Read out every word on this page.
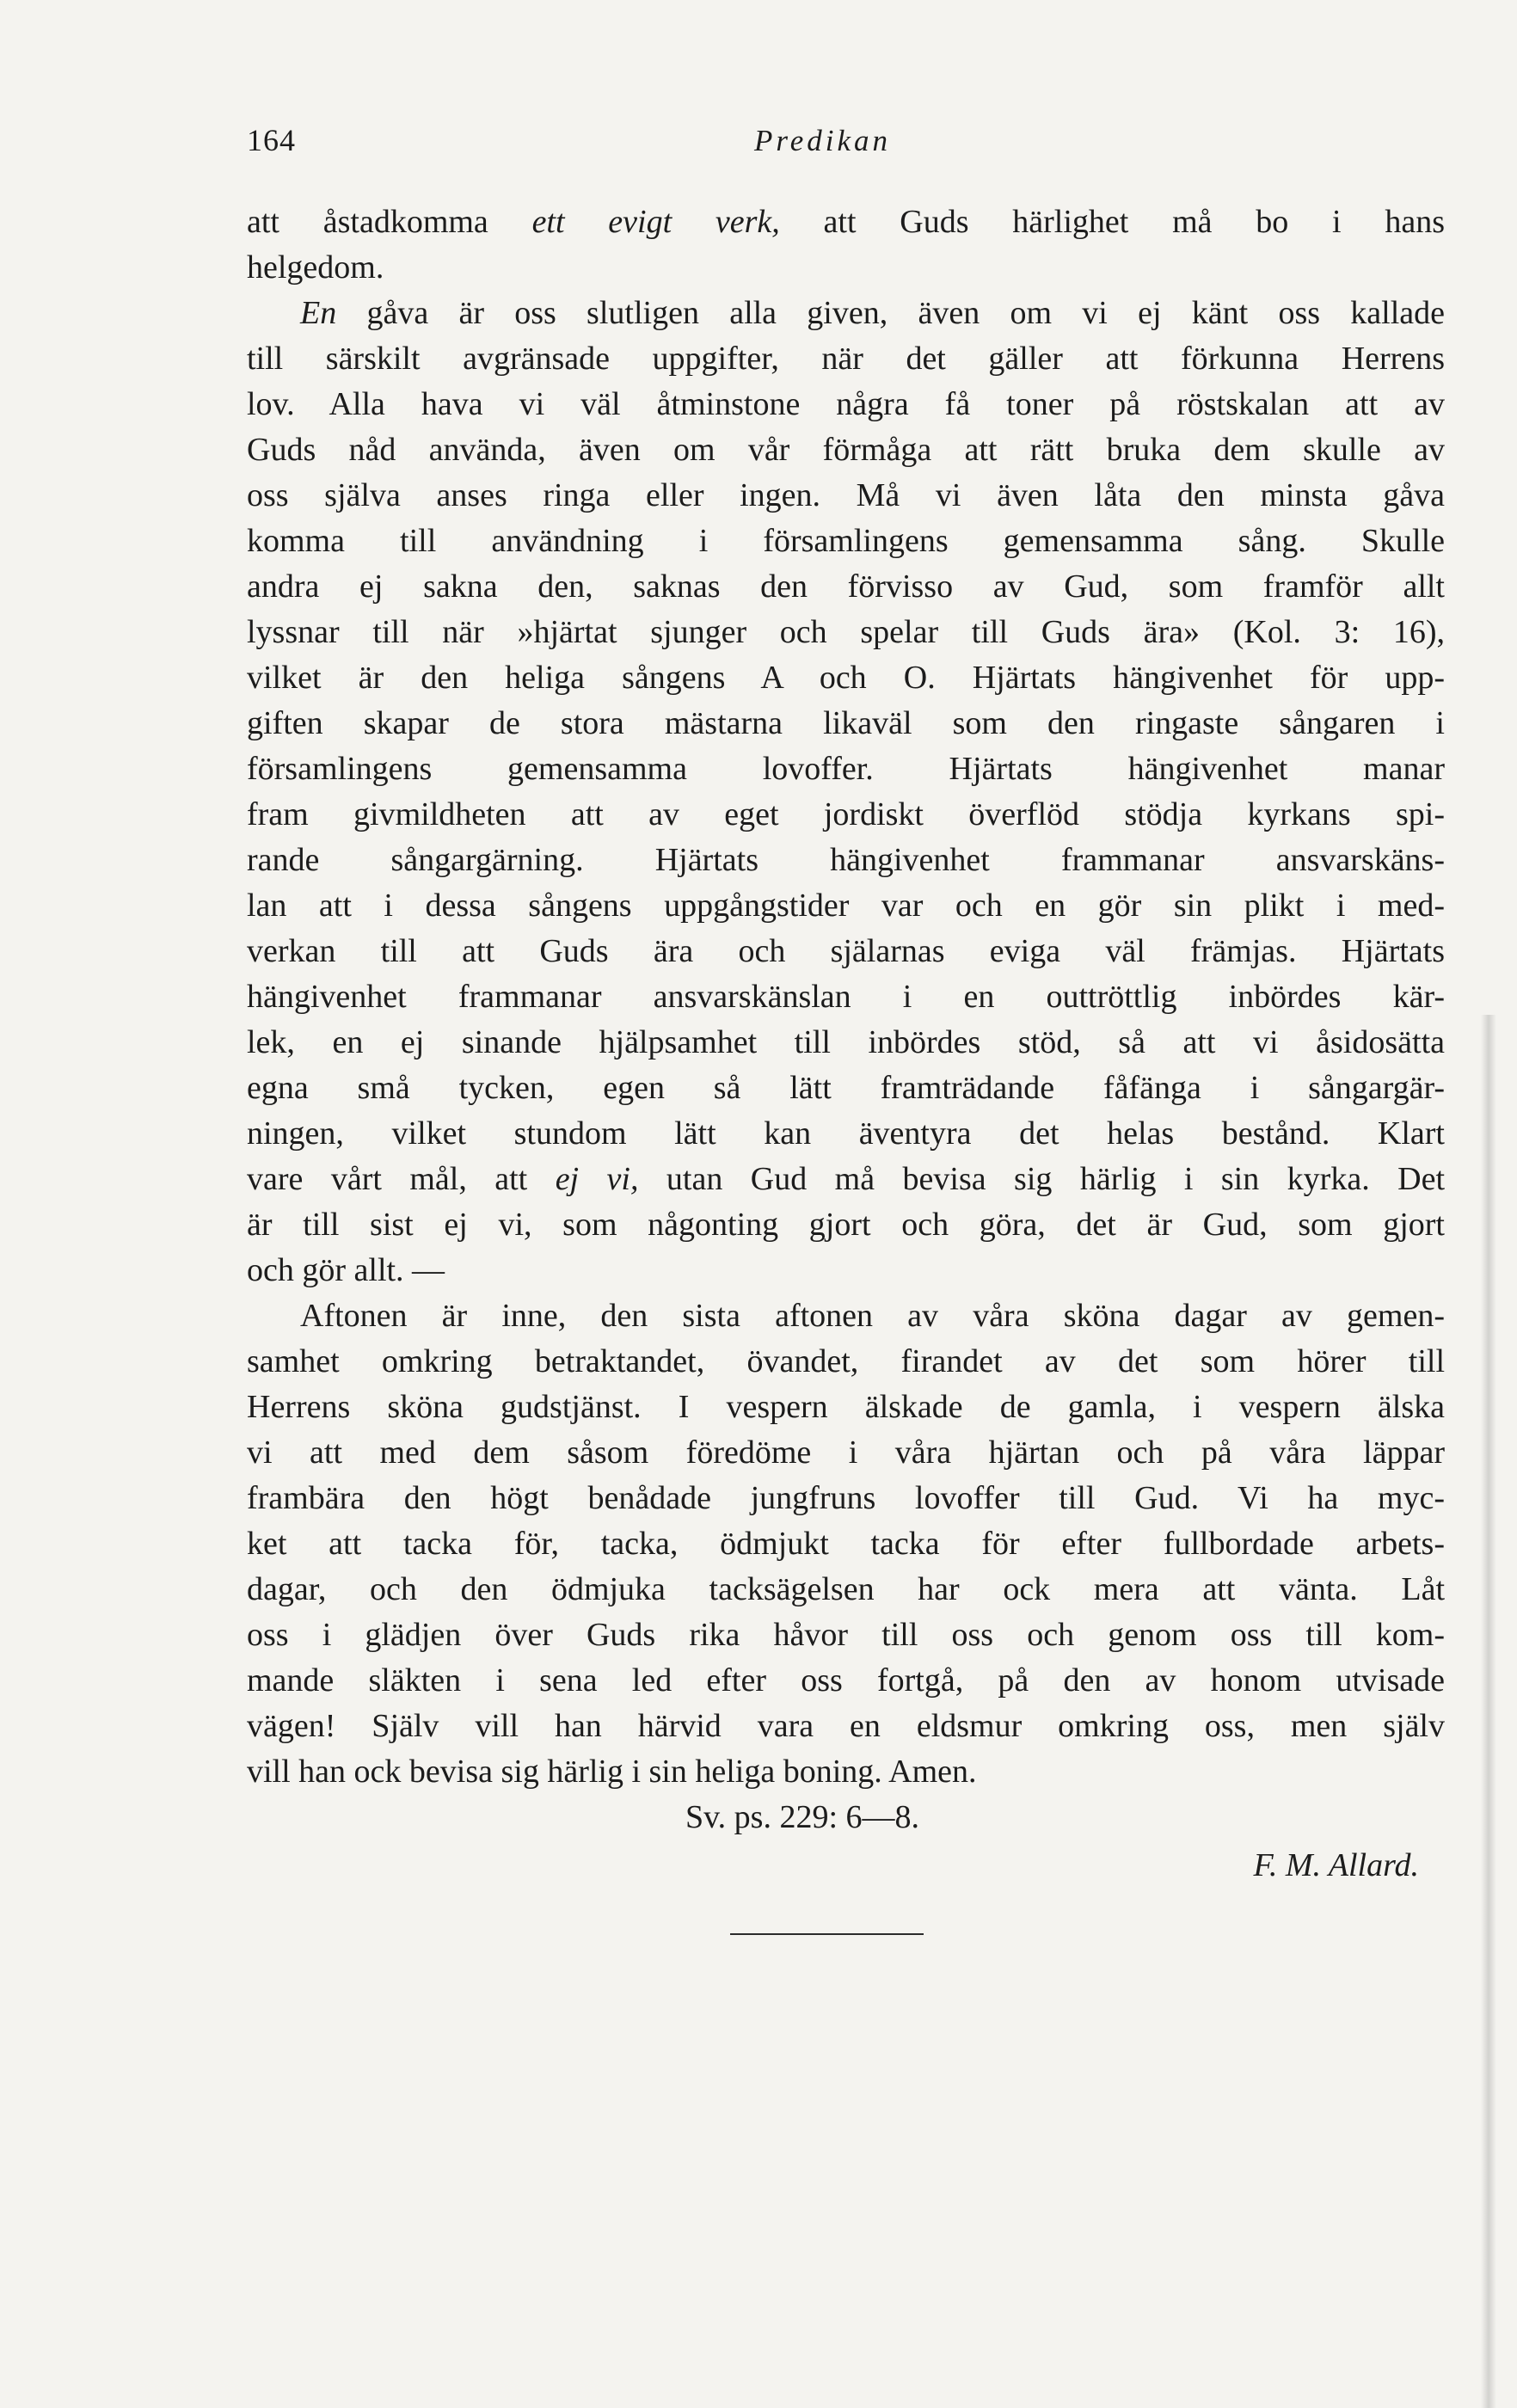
164	Predikan
att åstadkomma ett evigt verk, att Guds härlighet må bo i hans
helgedom.
En gåva är oss slutligen alla given, även om vi ej känt oss kallade
till särskilt avgränsade uppgifter, när det gäller att förkunna Herrens
lov. Alla hava vi väl åtminstone några få toner på röstskalan att av
Guds nåd använda, även om vår förmåga att rätt bruka dem skulle av
oss själva anses ringa eller ingen. Må vi även låta den minsta gåva
komma till användning i församlingens gemensamma sång. Skulle
andra ej sakna den, saknas den förvisso av Gud, som framför allt
lyssnar till när »hjärtat sjunger och spelar till Guds ära» (Kol. 3: 16),
vilket är den heliga sångens A och O. Hjärtats hängivenhet för upp-
giften skapar de stora mästarna likaväl som den ringaste sångaren i
församlingens gemensamma lovoffer. Hjärtats hängivenhet manar
fram givmildheten att av eget jordiskt överflöd stödja kyrkans spi-
rande sångargärning. Hjärtats hängivenhet frammanar ansvarskäns-
lan att i dessa sångens uppgångstider var och en gör sin plikt i med-
verkan till att Guds ära och själarnas eviga väl främjas. Hjärtats
hängivenhet frammanar ansvarskänslan i en outtröttlig inbördes kär-
lek, en ej sinande hjälpsamhet till inbördes stöd, så att vi åsidosätta
egna små tycken, egen så lätt framträdande fåfänga i sångargär-
ningen, vilket stundom lätt kan äventyra det helas bestånd. Klart
vare vårt mål, att ej vi, utan Gud må bevisa sig härlig i sin kyrka. Det
är till sist ej vi, som någonting gjort och göra, det är Gud, som gjort
och gör allt. —
Aftonen är inne, den sista aftonen av våra sköna dagar av gemen-
samhet omkring betraktandet, övandet, firandet av det som hörer till
Herrens sköna gudstjänst. I vespern älskade de gamla, i vespern älska
vi att med dem såsom föredöme i våra hjärtan och på våra läppar
frambära den högt benådade jungfruns lovoffer till Gud. Vi ha myc-
ket att tacka för, tacka, ödmjukt tacka för efter fullbordade arbets-
dagar, och den ödmjuka tacksägelsen har ock mera att vänta. Låt
oss i glädjen över Guds rika håvor till oss och genom oss till kom-
mande släkten i sena led efter oss fortgå, på den av honom utvisade
vägen! Själv vill han härvid vara en eldsmur omkring oss, men själv
vill han ock bevisa sig härlig i sin heliga boning. Amen.
Sv. ps. 229: 6—8.
F. M. Allard.
